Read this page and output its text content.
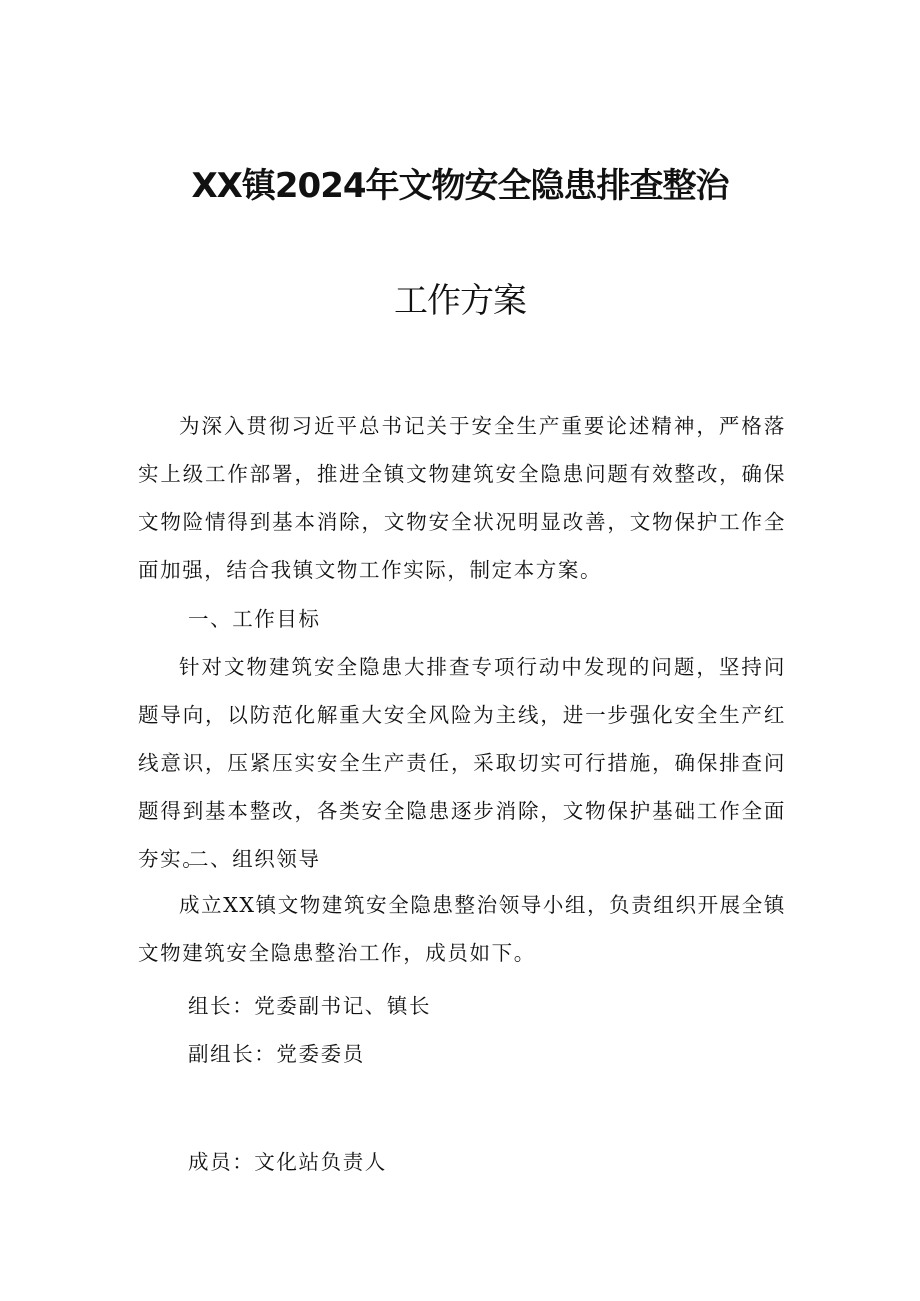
XX镇2024年文物安全隐患排查整治
工作方案

为深入贯彻习近平总书记关于安全生产重要论述精神，严格落实上级工作部署，推进全镇文物建筑安全隐患问题有效整改，确保文物险情得到基本消除，文物安全状况明显改善，文物保护工作全面加强，结合我镇文物工作实际，制定本方案。

一、工作目标

针对文物建筑安全隐患大排查专项行动中发现的问题，坚持问题导向，以防范化解重大安全风险为主线，进一步强化安全生产红线意识，压紧压实安全生产责任，采取切实可行措施，确保排查问题得到基本整改，各类安全隐患逐步消除，文物保护基础工作全面夯实。

二、组织领导

成立XX镇文物建筑安全隐患整治领导小组，负责组织开展全镇文物建筑安全隐患整治工作，成员如下。

组长：党委副书记、镇长

副组长：党委委员

成员：文化站负责人
